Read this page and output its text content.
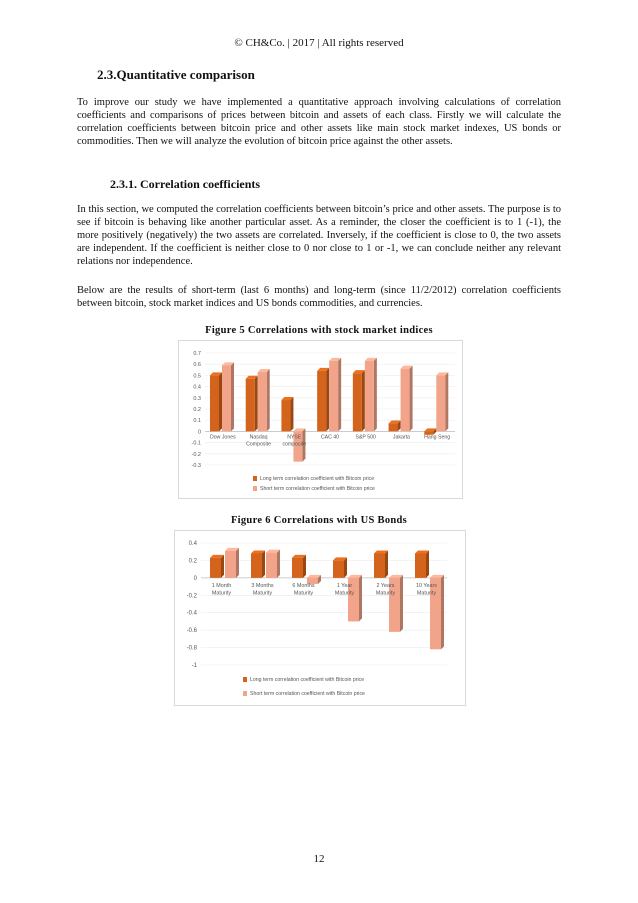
© CH&Co. | 2017 | All rights reserved
2.3.Quantitative comparison

To improve our study we have implemented a quantitative approach involving calculations of correlation coefficients and comparisons of prices between bitcoin and assets of each class. Firstly we will calculate the correlation coefficients between bitcoin price and other assets like main stock market indexes, US bonds or commodities. Then we will analyze the evolution of bitcoin price against the other assets.

2.3.1. Correlation coefficients

In this section, we computed the correlation coefficients between bitcoin’s price and other assets. The purpose is to see if bitcoin is behaving like another particular asset. As a reminder, the closer the coefficient is to 1 (-1), the more positively (negatively) the two assets are correlated. Inversely, if the coefficient is close to 0, the two assets are independent. If the coefficient is neither close to 0 nor close to 1 or -1, we can conclude neither any relevant relations nor independence.

Below are the results of short-term (last 6 months) and long-term (since 11/2/2012) correlation coefficients between bitcoin, stock market indices and US bonds commodities, and currencies.

Figure 5 Correlations with stock market indices
0.7
0.6
0.5
0.4
0.3
0.2
0.1
0
-0.1
-0.2
-0.3
Dow Jones	Nasdaq
Composite
NYSE
composite
CAC 40	S&P 500	Jakarta	Hang Seng
Long term correlation coefficient with Bitcoin price
Short term correlation coefficient with Bitcoin price
Figure 6 Correlations with US Bonds
0.4
0.2
0
-0.2
-0.4
-0.6
-0.8
-1
1 Month
Maturity
3 Months
Maturity
6 Months
Maturity
1 Year
Maturity
2 Years
Maturity
10 Years
Maturity
Long term correlation coefficient with Bitcoin price
Short term correlation coefficient with Bitcoin price
12
